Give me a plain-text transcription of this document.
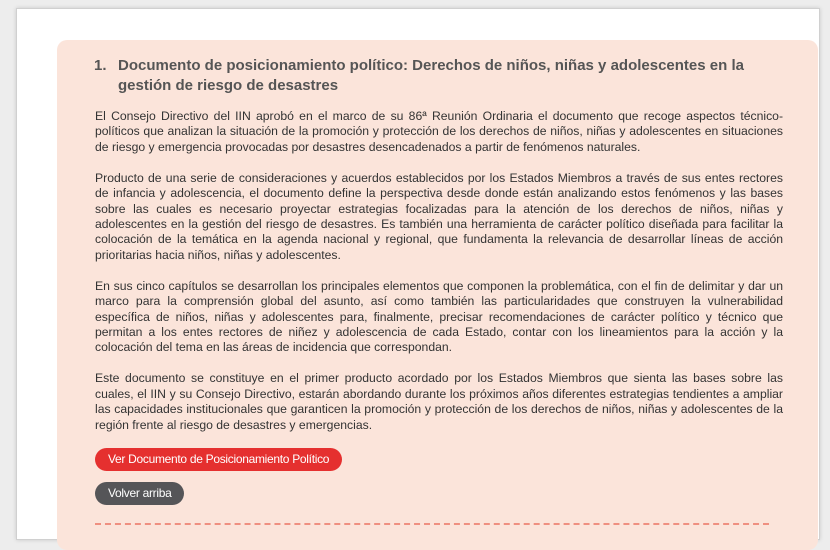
1. Documento de posicionamiento político: Derechos de niños, niñas y adolescentes en la gestión de riesgo de desastres

El Consejo Directivo del IIN aprobó en el marco de su 86ª Reunión Ordinaria el documento que recoge aspectos técnico-políticos que analizan la situación de la promoción y protección de los derechos de niños, niñas y adolescentes en situaciones de riesgo y emergencia provocadas por desastres desencadenados a partir de fenómenos naturales.

Producto de una serie de consideraciones y acuerdos establecidos por los Estados Miembros a través de sus entes rectores de infancia y adolescencia, el documento define la perspectiva desde donde están analizando estos fenómenos y las bases sobre las cuales es necesario proyectar estrategias focalizadas para la atención de los derechos de niños, niñas y adolescentes en la gestión del riesgo de desastres. Es también una herramienta de carácter político diseñada para facilitar la colocación de la temática en la agenda nacional y regional, que fundamenta la relevancia de desarrollar líneas de acción prioritarias hacia niños, niñas y adolescentes.

En sus cinco capítulos se desarrollan los principales elementos que componen la problemática, con el fin de delimitar y dar un marco para la comprensión global del asunto, así como también las particularidades que construyen la vulnerabilidad específica de niños, niñas y adolescentes para, finalmente, precisar recomendaciones de carácter político y técnico que permitan a los entes rectores de niñez y adolescencia de cada Estado, contar con los lineamientos para la acción y la colocación del tema en las áreas de incidencia que correspondan.

Este documento se constituye en el primer producto acordado por los Estados Miembros que sienta las bases sobre las cuales, el IIN y su Consejo Directivo, estarán abordando durante los próximos años diferentes estrategias tendientes a ampliar las capacidades institucionales que garanticen la promoción y protección de los derechos de niños, niñas y adolescentes de la región frente al riesgo de desastres y emergencias.

Ver Documento de Posicionamiento Político
Volver arriba
